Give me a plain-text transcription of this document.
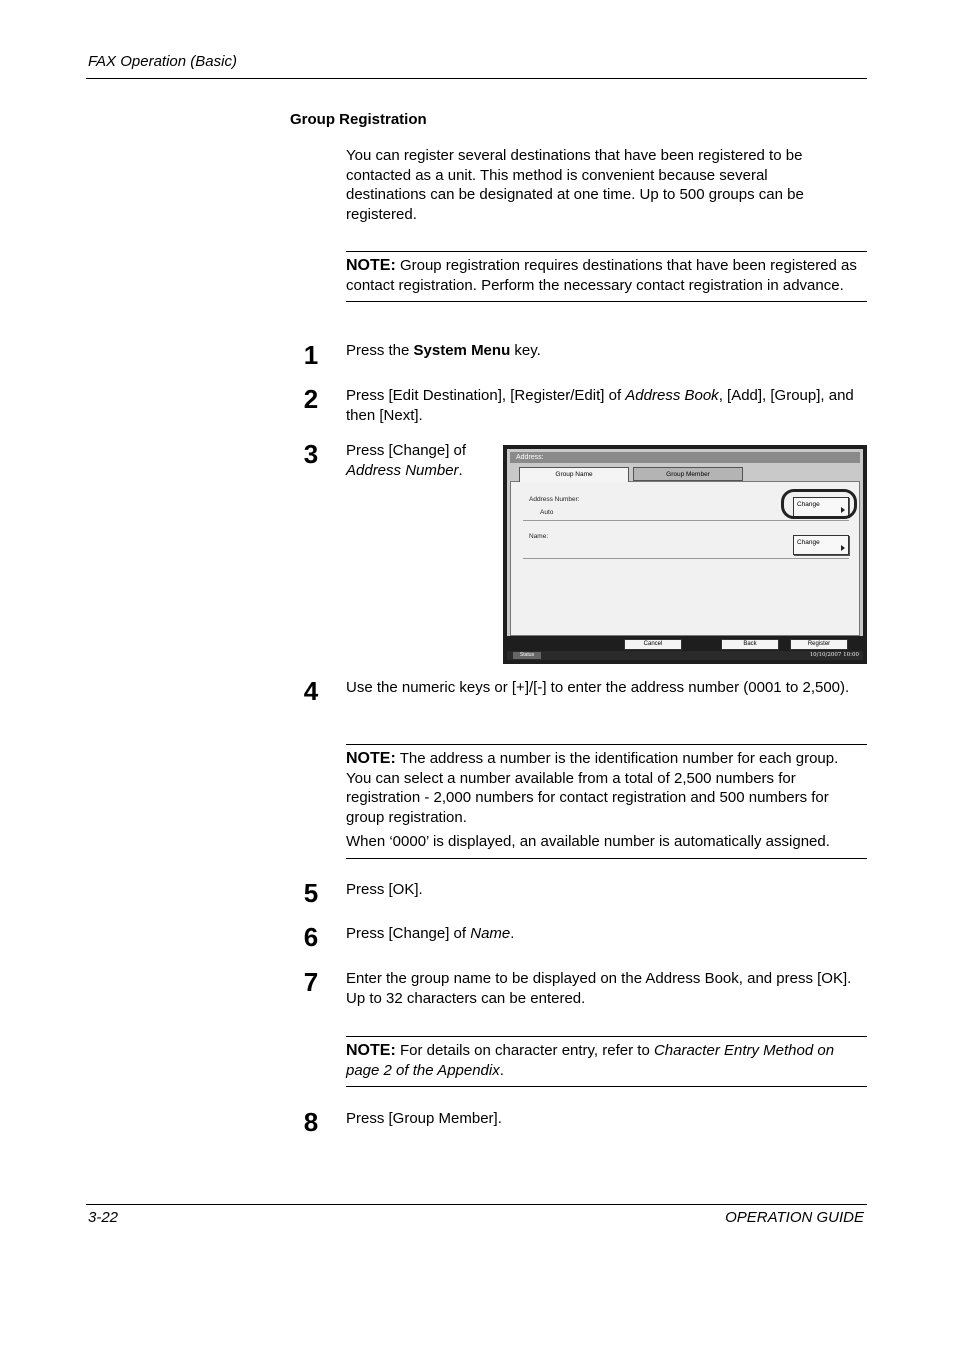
FAX Operation (Basic)
Group Registration
You can register several destinations that have been registered to be contacted as a unit. This method is convenient because several destinations can be designated at one time. Up to 500 groups can be registered.
NOTE: Group registration requires destinations that have been registered as contact registration. Perform the necessary contact registration in advance.
1 Press the System Menu key.
2 Press [Edit Destination], [Register/Edit] of Address Book, [Add], [Group], and then [Next].
3 Press [Change] of Address Number.
Address:
Group Member
Address Number:
Auto
Name:
Change
Change
Group Name
Cancel	Back	Register
Status	10/10/2007 10:00
4 Use the numeric keys or [+]/[-] to enter the address number (0001 to 2,500).
NOTE: The address a number is the identification number for each group. You can select a number available from a total of 2,500 numbers for registration - 2,000 numbers for contact registration and 500 numbers for group registration.
When ‘0000’ is displayed, an available number is automatically assigned.
5 Press [OK].
6 Press [Change] of Name.
7 Enter the group name to be displayed on the Address Book, and press [OK]. Up to 32 characters can be entered.
NOTE: For details on character entry, refer to Character Entry Method on page 2 of the Appendix.
8 Press [Group Member].
3-22	OPERATION GUIDE
